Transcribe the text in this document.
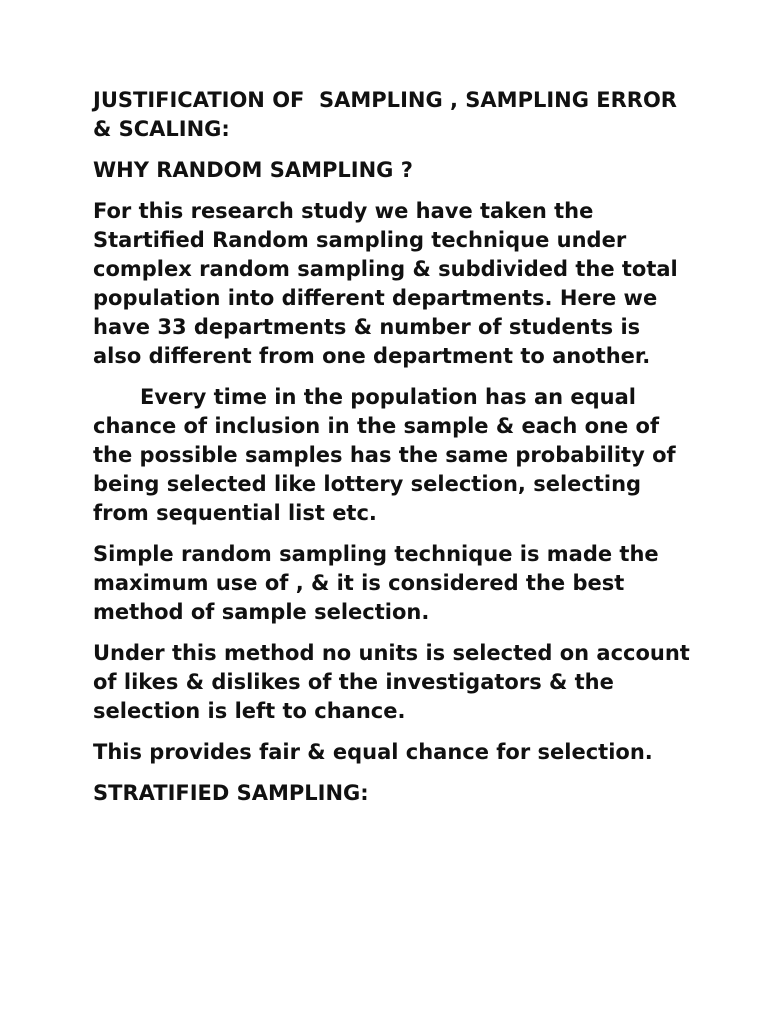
JUSTIFICATION OF  SAMPLING , SAMPLING ERROR & SCALING:

WHY RANDOM SAMPLING ?

For this research study we have taken the Startified Random sampling technique under complex random sampling & subdivided the total population into different departments. Here we have 33 departments & number of students is also different from one department to another.

Every time in the population has an equal chance of inclusion in the sample & each one of the possible samples has the same probability of being selected like lottery selection, selecting from sequential list etc.

Simple random sampling technique is made the maximum use of , & it is considered the best method of sample selection.

Under this method no units is selected on account of likes & dislikes of the investigators & the selection is left to chance.

This provides fair & equal chance for selection.

STRATIFIED SAMPLING:
